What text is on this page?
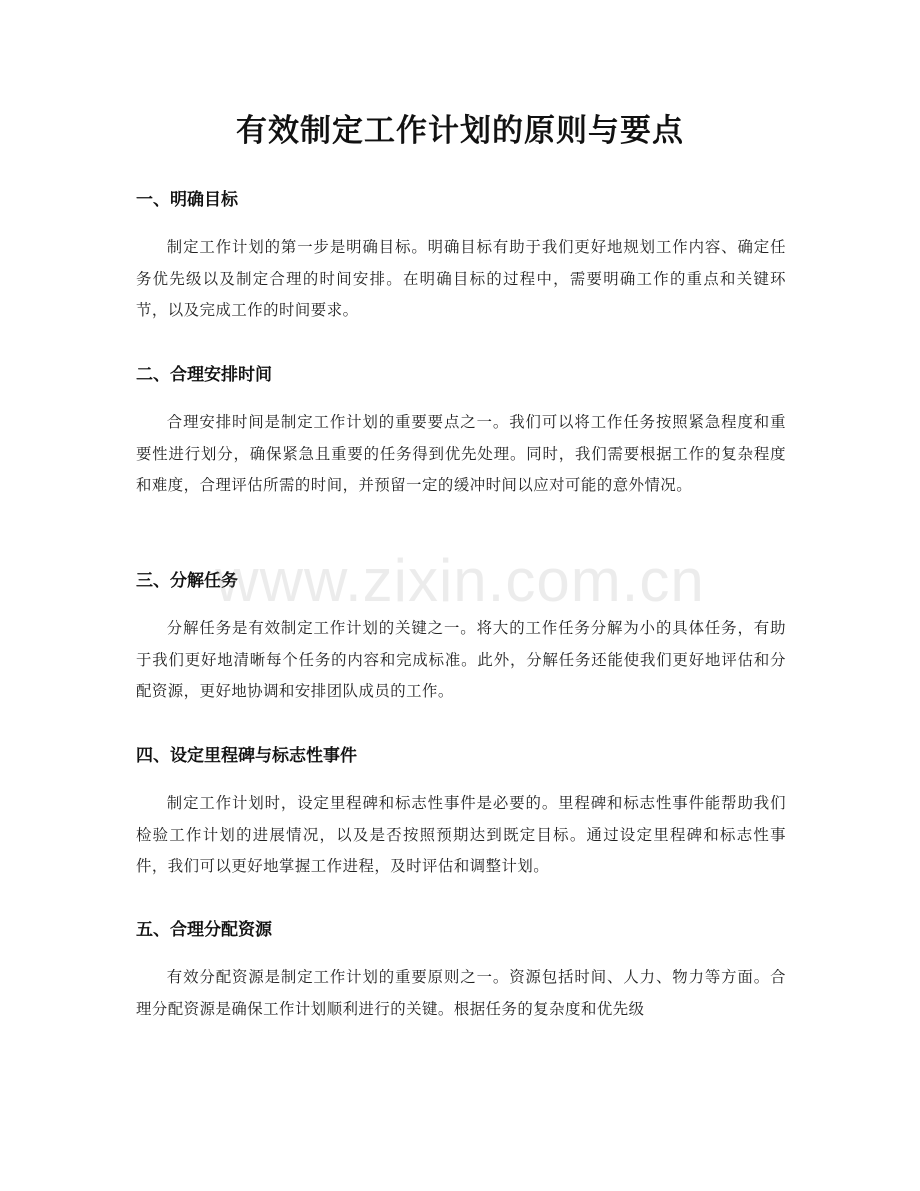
有效制定工作计划的原则与要点
一、明确目标

制定工作计划的第一步是明确目标。明确目标有助于我们更好地规划工作内容、确定任务优先级以及制定合理的时间安排。在明确目标的过程中，需要明确工作的重点和关键环节，以及完成工作的时间要求。

二、合理安排时间

合理安排时间是制定工作计划的重要要点之一。我们可以将工作任务按照紧急程度和重要性进行划分，确保紧急且重要的任务得到优先处理。同时，我们需要根据工作的复杂程度和难度，合理评估所需的时间，并预留一定的缓冲时间以应对可能的意外情况。

三、分解任务

分解任务是有效制定工作计划的关键之一。将大的工作任务分解为小的具体任务，有助于我们更好地清晰每个任务的内容和完成标准。此外，分解任务还能使我们更好地评估和分配资源，更好地协调和安排团队成员的工作。

四、设定里程碑与标志性事件

制定工作计划时，设定里程碑和标志性事件是必要的。里程碑和标志性事件能帮助我们检验工作计划的进展情况，以及是否按照预期达到既定目标。通过设定里程碑和标志性事件，我们可以更好地掌握工作进程，及时评估和调整计划。

五、合理分配资源

有效分配资源是制定工作计划的重要原则之一。资源包括时间、人力、物力等方面。合理分配资源是确保工作计划顺利进行的关键。根据任务的复杂度和优先级

www.zixin.com.cn
